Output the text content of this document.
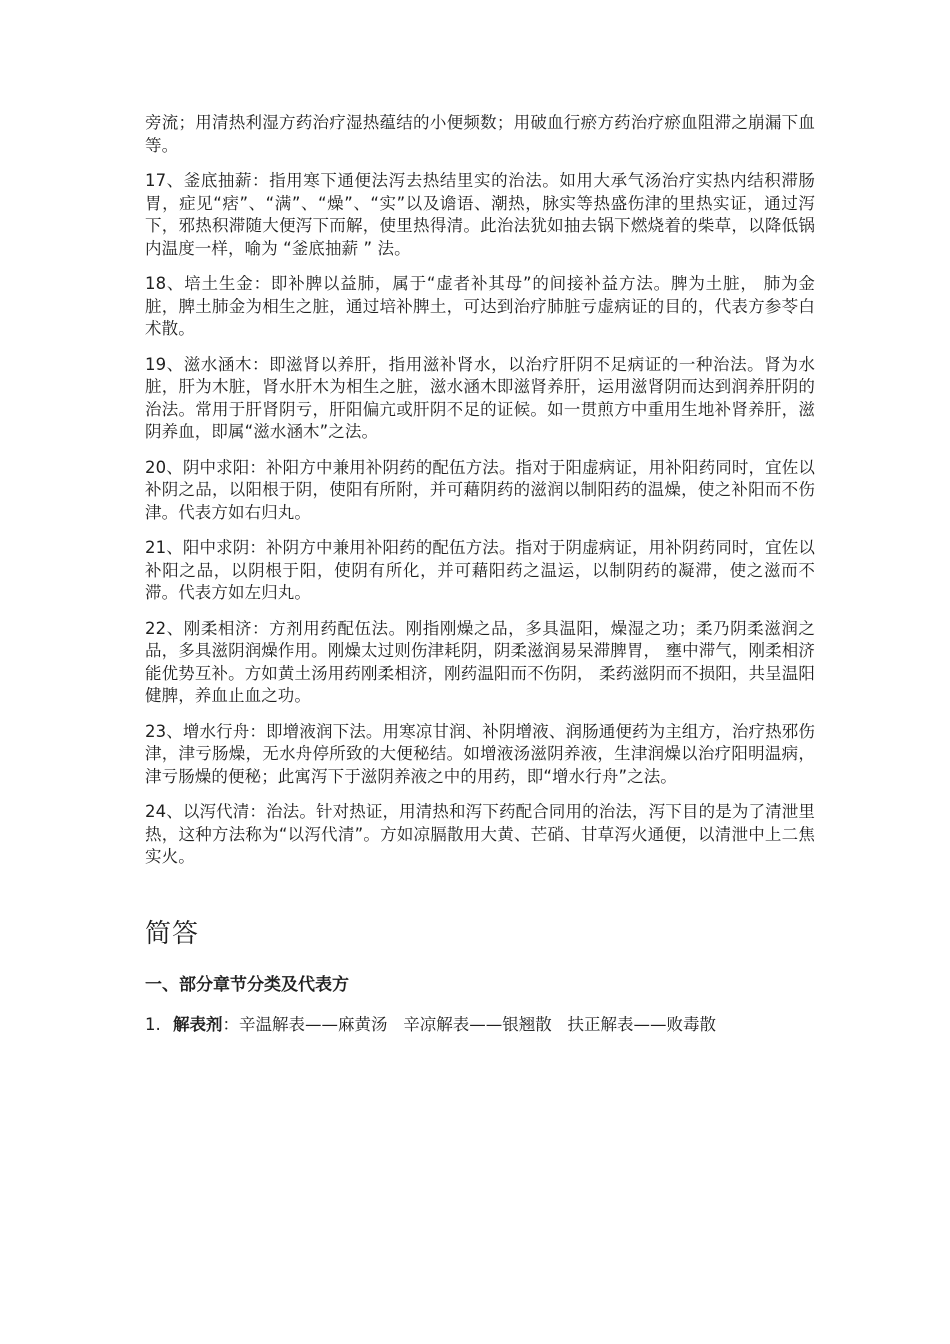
旁流；用清热利湿方药治疗湿热蕴结的小便频数；用破血行瘀方药治疗瘀血阻滞之崩漏下血等。

17、釜底抽薪：指用寒下通便法泻去热结里实的治法。如用大承气汤治疗实热内结积滞肠胃，症见“痞”、“满”、“燥”、“实”以及谵语、潮热，脉实等热盛伤津的里热实证，通过泻下，邪热积滞随大便泻下而解，使里热得清。此治法犹如抽去锅下燃烧着的柴草，以降低锅内温度一样，喻为 “釜底抽薪 ” 法。

18、培土生金：即补脾以益肺，属于“虚者补其母”的间接补益方法。脾为土脏， 肺为金脏，脾土肺金为相生之脏，通过培补脾土，可达到治疗肺脏亏虚病证的目的，代表方参苓白术散。

19、滋水涵木：即滋肾以养肝，指用滋补肾水，以治疗肝阴不足病证的一种治法。肾为水脏，肝为木脏，肾水肝木为相生之脏，滋水涵木即滋肾养肝，运用滋肾阴而达到润养肝阴的治法。常用于肝肾阴亏，肝阳偏亢或肝阴不足的证候。如一贯煎方中重用生地补肾养肝，滋阴养血，即属“滋水涵木”之法。

20、阴中求阳：补阳方中兼用补阴药的配伍方法。指对于阳虚病证，用补阳药同时，宜佐以补阴之品，以阳根于阴，使阳有所附，并可藉阴药的滋润以制阳药的温燥，使之补阳而不伤津。代表方如右归丸。

21、阳中求阴：补阴方中兼用补阳药的配伍方法。指对于阴虚病证，用补阴药同时，宜佐以补阳之品，以阴根于阳，使阴有所化，并可藉阳药之温运，以制阴药的凝滞，使之滋而不滞。代表方如左归丸。

22、刚柔相济：方剂用药配伍法。刚指刚燥之品，多具温阳，燥湿之功；柔乃阴柔滋润之品，多具滋阴润燥作用。刚燥太过则伤津耗阴，阴柔滋润易呆滞脾胃， 壅中滞气，刚柔相济能优势互补。方如黄土汤用药刚柔相济，刚药温阳而不伤阴， 柔药滋阴而不损阳，共呈温阳健脾，养血止血之功。

23、增水行舟：即增液润下法。用寒凉甘润、补阴增液、润肠通便药为主组方，治疗热邪伤津，津亏肠燥，无水舟停所致的大便秘结。如增液汤滋阴养液，生津润燥以治疗阳明温病，津亏肠燥的便秘；此寓泻下于滋阴养液之中的用药，即“增水行舟”之法。

24、以泻代清：治法。针对热证，用清热和泻下药配合同用的治法，泻下目的是为了清泄里热，这种方法称为“以泻代清”。方如凉膈散用大黄、芒硝、甘草泻火通便，以清泄中上二焦实火。

简答
一、部分章节分类及代表方
1. 解表剂：辛温解表——麻黄汤   辛凉解表——银翘散   扶正解表——败毒散
